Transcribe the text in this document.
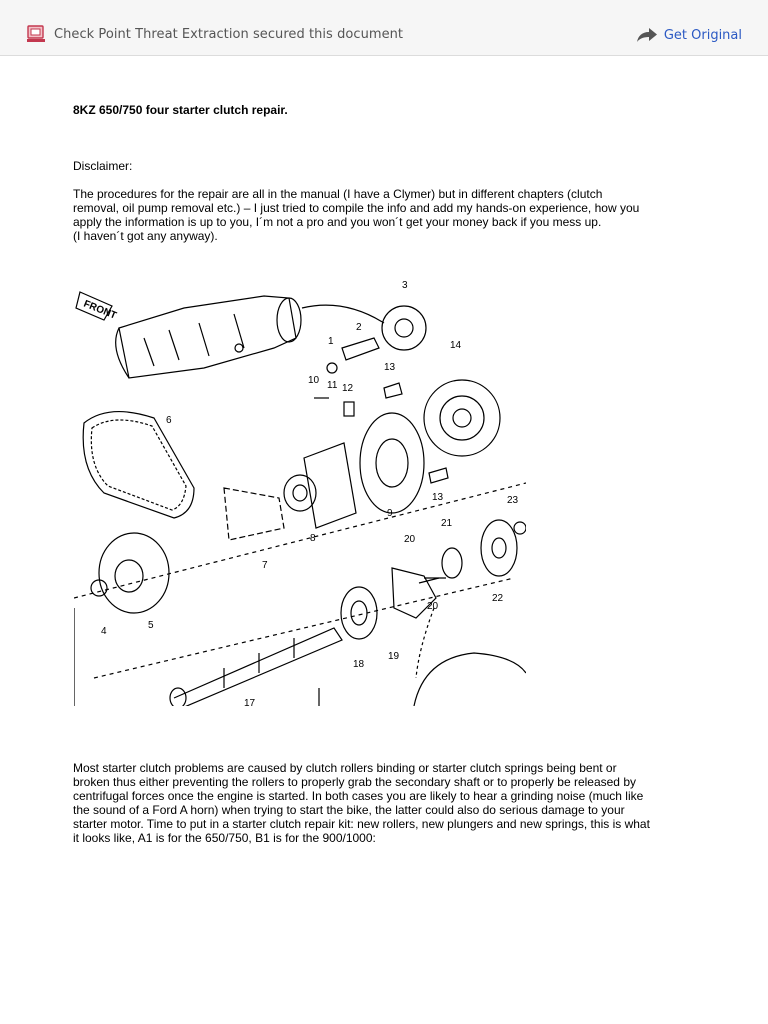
Check Point Threat Extraction secured this document	Get Original
8KZ 650/750 four starter clutch repair.
Disclaimer:
The procedures for the repair are all in the manual (I have a Clymer) but in different chapters (clutch
removal, oil pump removal etc.) – I just tried to compile the info and add my hands-on experience, how you
apply the information is up to you, I´m not a pro and you won´t get your money back if you mess up.
(I haven´t got any anyway).
FRONT
1
2
3
4
5
6
7
8
9
10 11 12
13
13
14
17
18
19
20
20
21
22
23
Most starter clutch problems are caused by clutch rollers binding or starter clutch springs being bent or
broken thus either preventing the rollers to properly grab the secondary shaft or to properly be released by
centrifugal forces once the engine is started. In both cases you are likely to hear a grinding noise (much like
the sound of a Ford A horn) when trying to start the bike, the latter could also do serious damage to your
starter motor. Time to put in a starter clutch repair kit: new rollers, new plungers and new springs, this is what
it looks like, A1 is for the 650/750, B1 is for the 900/1000:
